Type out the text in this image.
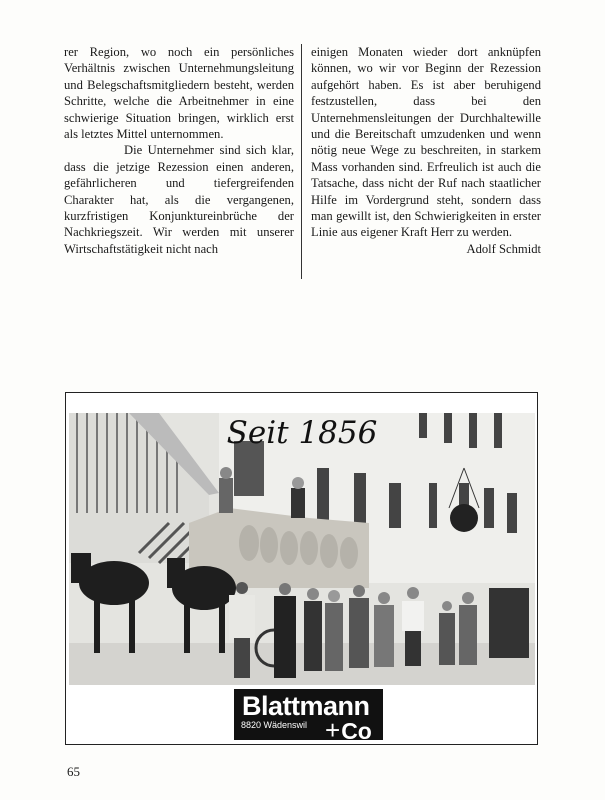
rer Region, wo noch ein persönliches Verhältnis zwischen Unternehmungsleitung und Belegschaftsmitgliedern besteht, werden Schritte, welche die Arbeitnehmer in eine schwierige Situation bringen, wirklich erst als letztes Mittel unternommen.

Die Unternehmer sind sich klar, dass die jetzige Rezession einen anderen, gefährlicheren und tiefergreifenden Charakter hat, als die vergangenen, kurzfristigen Konjunktureinbrüche der Nachkriegszeit. Wir werden mit unserer Wirtschaftstätigkeit nicht nach

einigen Monaten wieder dort anknüpfen können, wo wir vor Beginn der Rezession aufgehört haben. Es ist aber beruhigend festzustellen, dass bei den Unternehmensleitungen der Durchhaltewille und die Bereitschaft umzudenken und wenn nötig neue Wege zu beschreiten, in starkem Mass vorhanden sind. Erfreulich ist auch die Tatsache, dass nicht der Ruf nach staatlicher Hilfe im Vordergrund steht, sondern dass man gewillt ist, den Schwierigkeiten in erster Linie aus eigener Kraft Herr zu werden.
Adolf Schmidt

Seit 1856
Blattmann
8820 Wädenswil +Co
65
